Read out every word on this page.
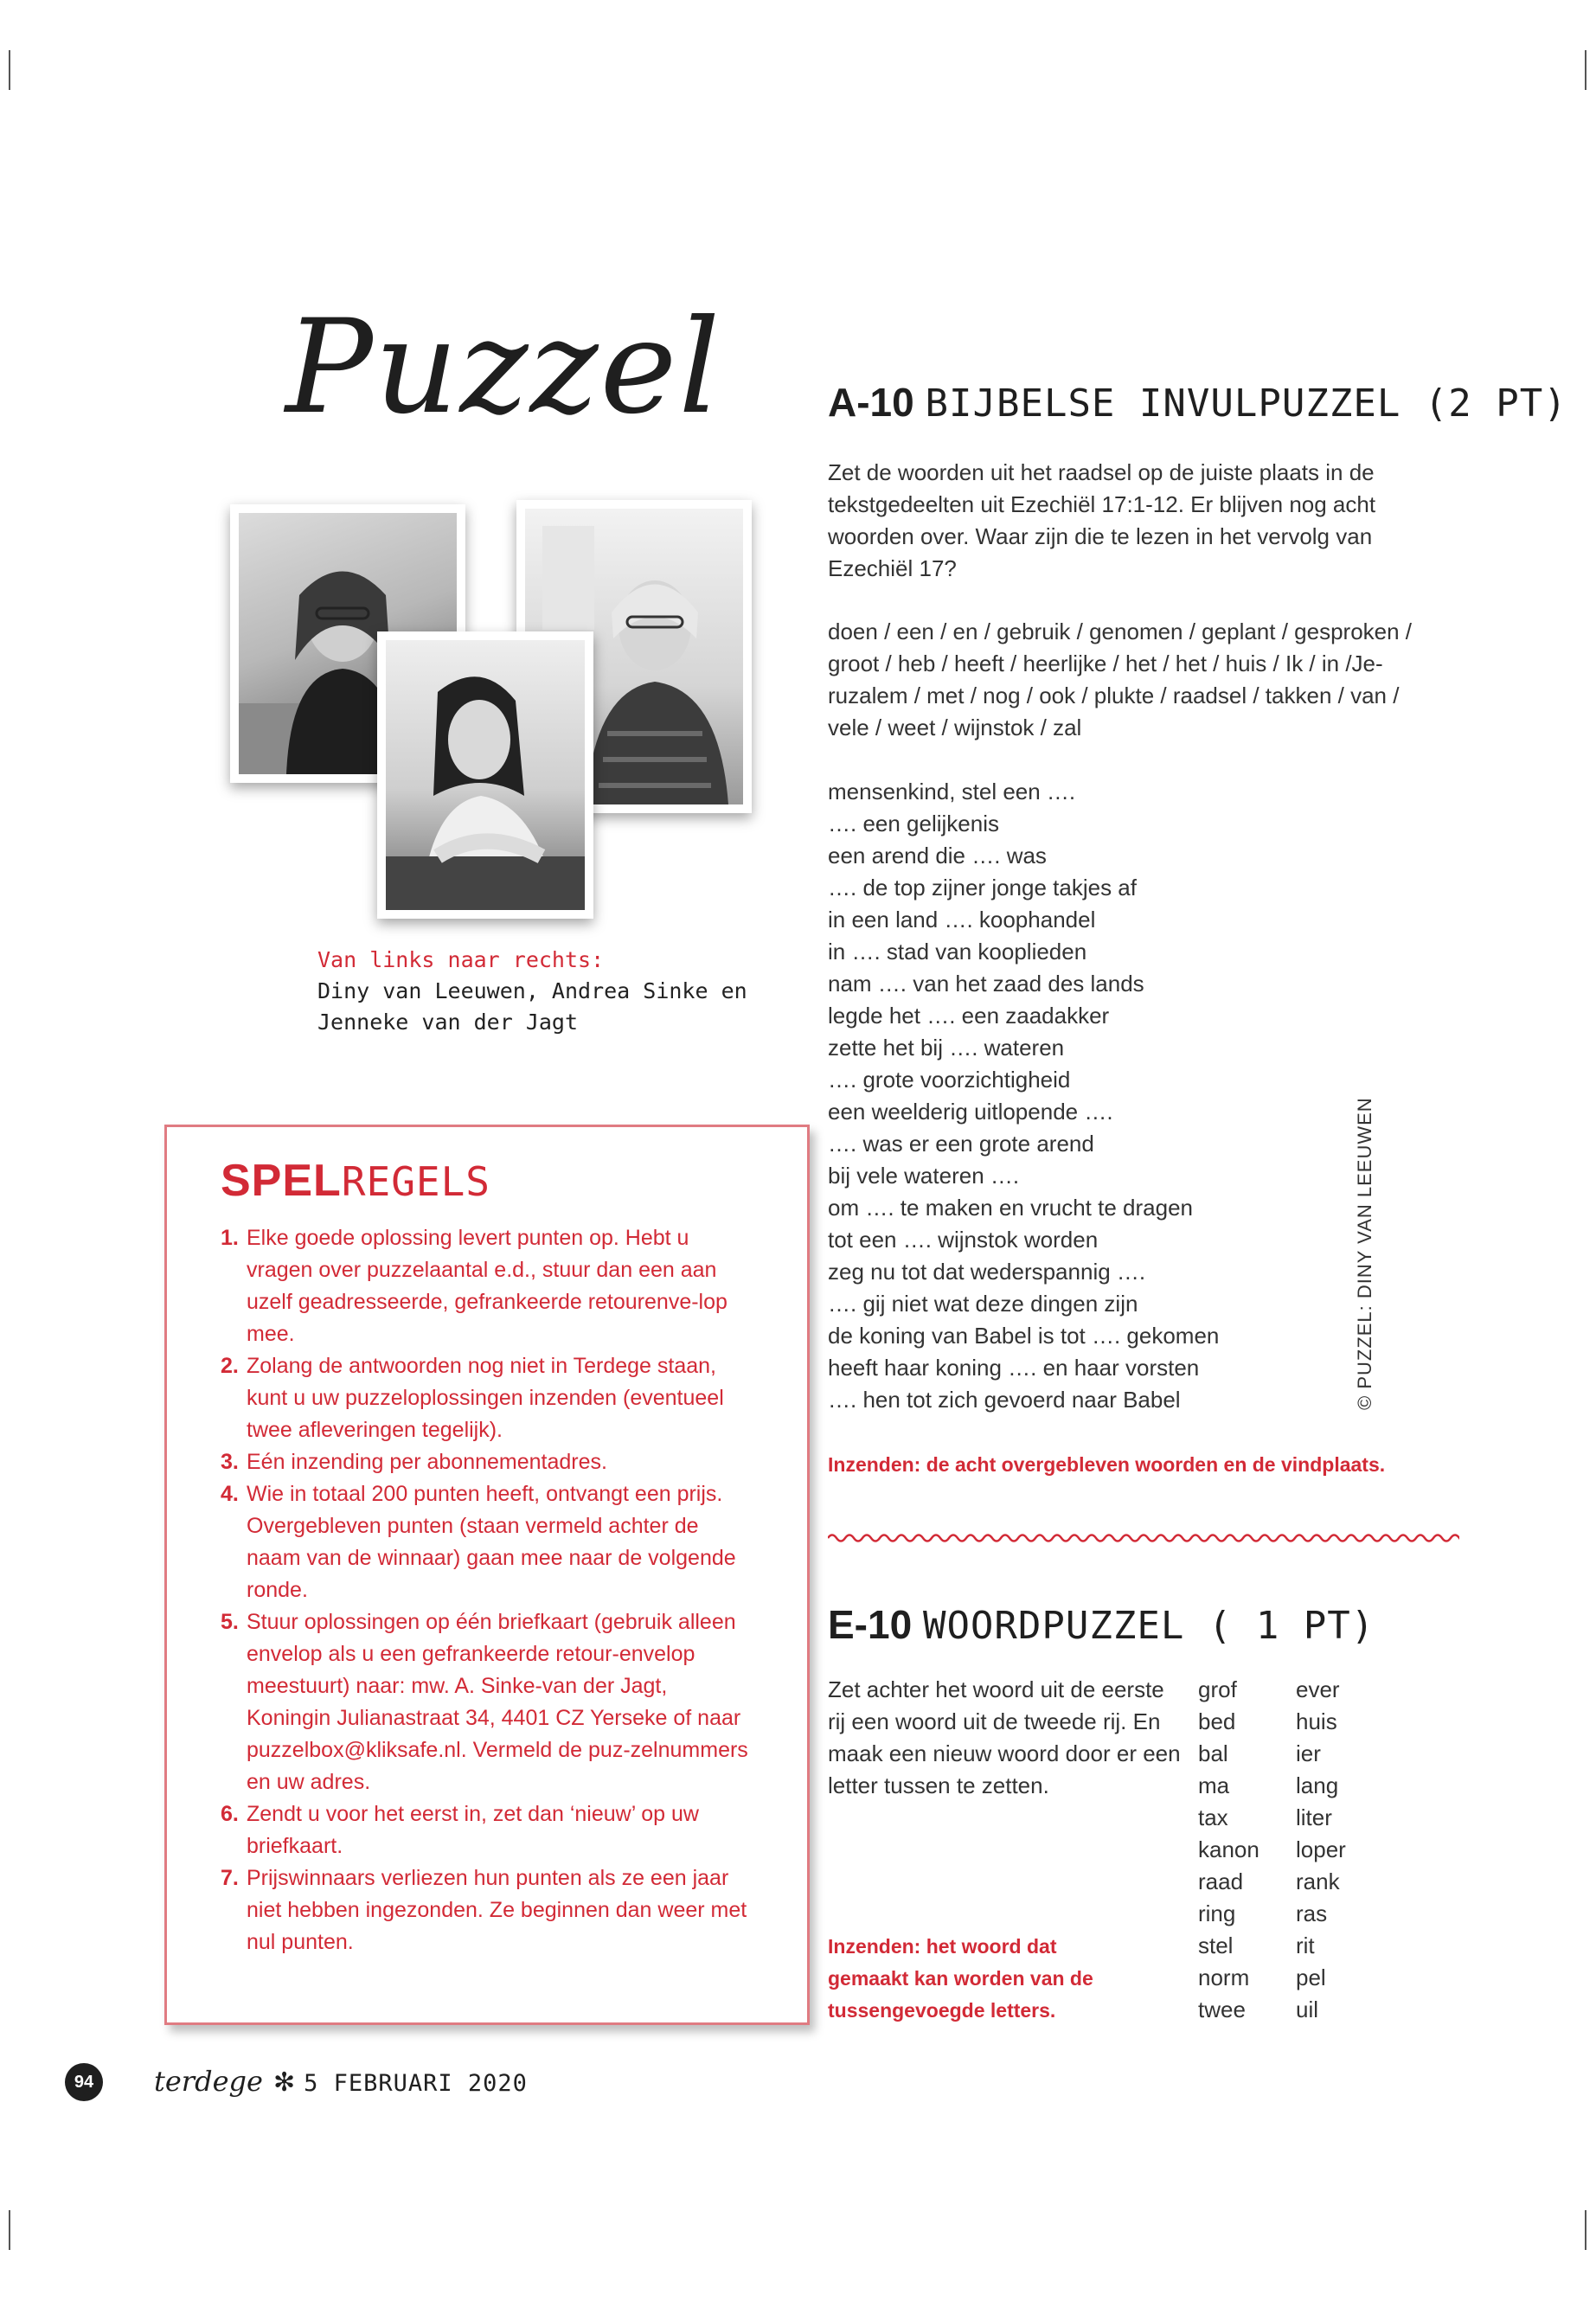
Puzzel
Van links naar rechts:
Diny van Leeuwen, Andrea Sinke en Jenneke van der Jagt
SPELREGELS
1. Elke goede oplossing levert punten op. Hebt u vragen over puzzelaantal e.d., stuur dan een aan uzelf geadresseerde, gefrankeerde retourenve-lop mee.
2. Zolang de antwoorden nog niet in Terdege staan, kunt u uw puzzeloplossingen inzenden (eventueel twee afleveringen tegelijk).
3. Eén inzending per abonnementadres.
4. Wie in totaal 200 punten heeft, ontvangt een prijs. Overgebleven punten (staan vermeld achter de naam van de winnaar) gaan mee naar de volgende ronde.
5. Stuur oplossingen op één briefkaart (gebruik alleen envelop als u een gefrankeerde retour-envelop meestuurt) naar: mw. A. Sinke-van der Jagt, Koningin Julianastraat 34, 4401 CZ Yerseke of naar puzzelbox@kliksafe.nl. Vermeld de puz-zelnummers en uw adres.
6. Zendt u voor het eerst in, zet dan ‘nieuw’ op uw briefkaart.
7. Prijswinnaars verliezen hun punten als ze een jaar niet hebben ingezonden. Ze beginnen dan weer met nul punten.
A-10 BIJBELSE INVULPUZZEL (2 PT)
Zet de woorden uit het raadsel op de juiste plaats in de tekstgedeelten uit Ezechiël 17:1-12. Er blijven nog acht woorden over. Waar zijn die te lezen in het vervolg van Ezechiël 17?
doen / een / en / gebruik / genomen / geplant / gesproken / groot / heb / heeft / heerlijke / het / het / huis / Ik / in /Je-ruzalem / met / nog / ook / plukte / raadsel / takken / van / vele / weet / wijnstok / zal
mensenkind, stel een ….
…. een gelijkenis
een arend die …. was
…. de top zijner jonge takjes af
in een land …. koophandel
in …. stad van kooplieden
nam …. van het zaad des lands
legde het …. een zaadakker
zette het bij …. wateren
…. grote voorzichtigheid
een weelderig uitlopende ….
…. was er een grote arend
bij vele wateren ….
om …. te maken en vrucht te dragen
tot een …. wijnstok worden
zeg nu tot dat wederspannig ….
…. gij niet wat deze dingen zijn
de koning van Babel is tot …. gekomen
heeft haar koning …. en haar vorsten
…. hen tot zich gevoerd naar Babel
Inzenden: de acht overgebleven woorden en de vindplaats.
© PUZZEL: DINY VAN LEEUWEN
E-10 WOORDPUZZEL ( 1 PT)
Zet achter het woord uit de eerste rij een woord uit de tweede rij. En maak een nieuw woord door er een letter tussen te zetten.
Inzenden: het woord dat gemaakt kan worden van de tussengevoegde letters.
grof
bed
bal
ma
tax
kanon
raad
ring
stel
norm
twee
ever
huis
ier
lang
liter
loper
rank
ras
rit
pel
uil
94	terdege ✻ 5 FEBRUARI 2020
